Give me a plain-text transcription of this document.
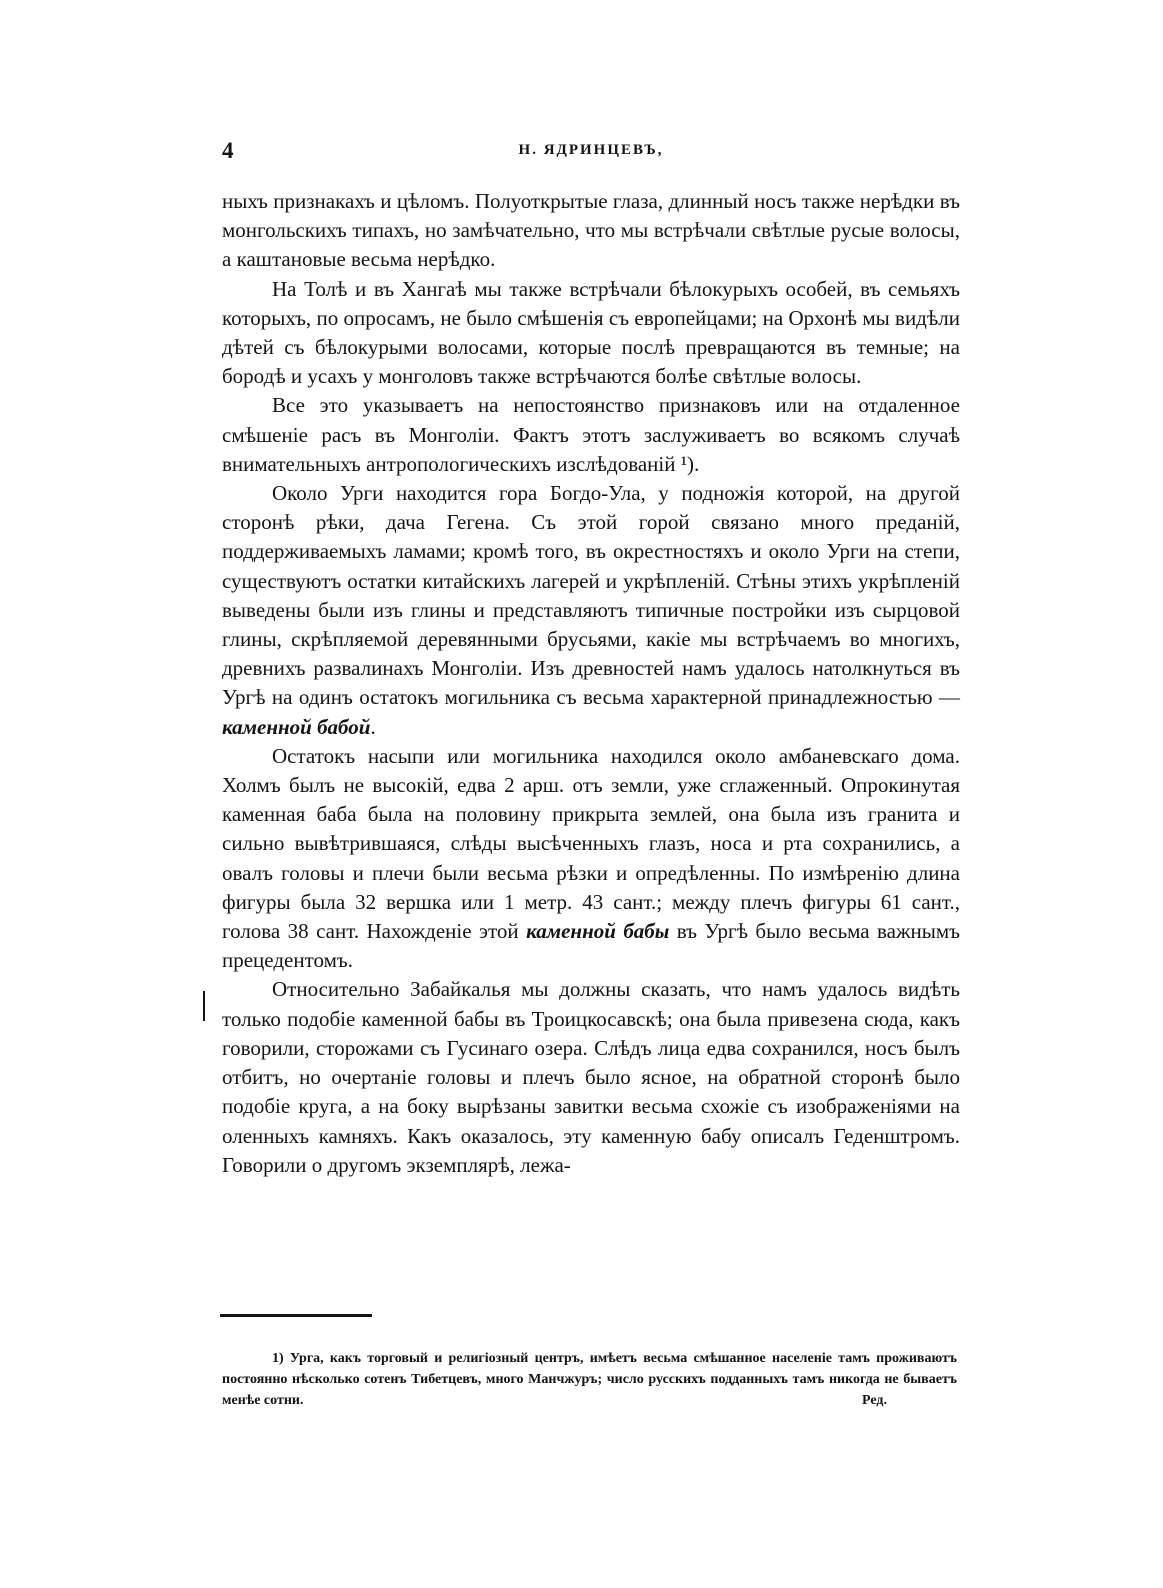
4	Н. ЯДРИНЦЕВЪ,

ныхъ признакахъ и цѣломъ. Полуоткрытые глаза, длинный носъ также нерѣдки въ монгольскихъ типахъ, но замѣчательно, что мы встрѣчали свѣтлые русые волосы, а каштановые весьма нерѣдко.

На Толѣ и въ Хангаѣ мы также встрѣчали бѣлокурыхъ особей, въ семьяхъ которыхъ, по опросамъ, не было смѣшенія съ европейцами; на Орхонѣ мы видѣли дѣтей съ бѣлокурыми волосами, которые послѣ превращаются въ темные; на бородѣ и усахъ у монголовъ также встрѣчаются болѣе свѣтлые волосы.

Все это указываетъ на непостоянство признаковъ или на отдаленное смѣшеніе расъ въ Монголіи. Фактъ этотъ заслуживаетъ во всякомъ случаѣ внимательныхъ антропологическихъ изслѣдованій ¹).

Около Урги находится гора Богдо-Ула, у подножія которой, на другой сторонѣ рѣки, дача Гегена. Съ этой горой связано много преданій, поддерживаемыхъ ламами; кромѣ того, въ окрестностяхъ и около Урги на степи, существуютъ остатки китайскихъ лагерей и укрѣпленій. Стѣны этихъ укрѣпленій выведены были изъ глины и представляютъ типичные постройки изъ сырцовой глины, скрѣпляемой деревянными брусьями, какіе мы встрѣчаемъ во многихъ, древнихъ развалинахъ Монголіи. Изъ древностей намъ удалось натолкнуться въ Ургѣ на одинъ остатокъ могильника съ весьма характерной принадлежностью — каменной бабой.

Остатокъ насыпи или могильника находился около амбаневскаго дома. Холмъ былъ не высокій, едва 2 арш. отъ земли, уже сглаженный. Опрокинутая каменная баба была на половину прикрыта землей, она была изъ гранита и сильно вывѣтрившаяся, слѣды высѣченныхъ глазъ, носа и рта сохранились, а овалъ головы и плечи были весьма рѣзки и опредѣленны. По измѣренію длина фигуры была 32 вершка или 1 метр. 43 сант.; между плечъ фигуры 61 сант., голова 38 сант. Нахожденіе этой каменной бабы въ Ургѣ было весьма важнымъ прецедентомъ.

Относительно Забайкалья мы должны сказать, что намъ удалось видѣть только подобіе каменной бабы въ Троицкосавскѣ; она была привезена сюда, какъ говорили, сторожами съ Гусинаго озера. Слѣдъ лица едва сохранился, носъ былъ отбитъ, но очертаніе головы и плечъ было ясное, на обратной сторонѣ было подобіе круга, а на боку вырѣзаны завитки весьма схожіе съ изображеніями на оленныхъ камняхъ. Какъ оказалось, эту каменную бабу описалъ Геденштромъ. Говорили о другомъ экземплярѣ, лежа-

1) Урга, какъ торговый и религіозный центръ, имѣетъ весьма смѣшанное населеніе тамъ проживаютъ постоянно нѣсколько сотенъ Тибетцевъ, много Манчжуръ; число русскихъ подданныхъ тамъ никогда не бываетъ менѣе сотни.	Ред.
